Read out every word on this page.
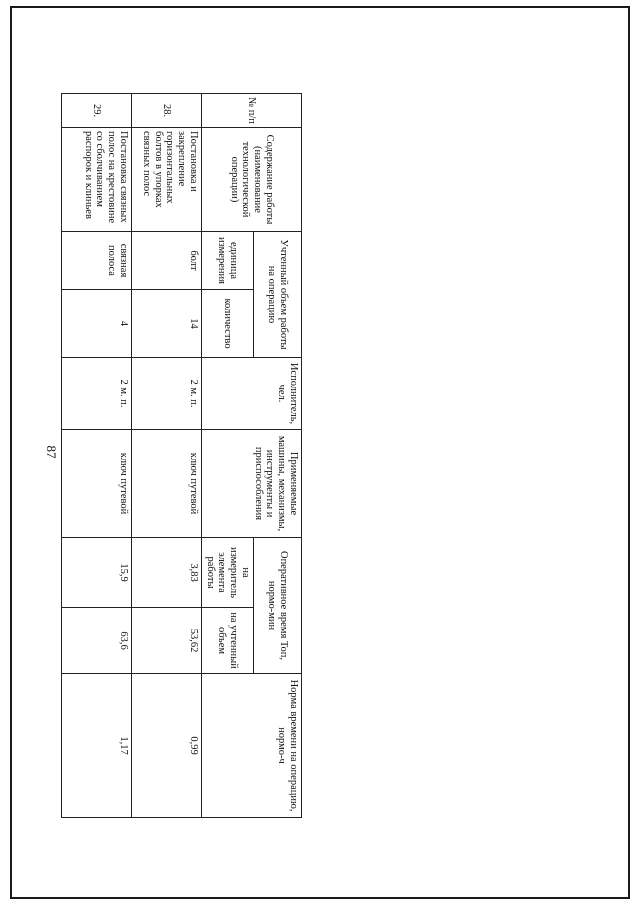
87
№ п/п	Содержание работы (наименование технологической операции)	Учтенный объем работы на операцию		Исполнитель, чел.	Применяемые машины, механизмы, инструменты и приспособления	Оперативное время Топ, нормо-мин		Норма времени на операцию, нормо-ч
		единица измерения	количество			на измеритель элемента работы	на учтенный объем	
28.	Постановка и закрепление горизонтальных болтов в упорках связных полос	болт	14	2 м. п.	ключ путевой	3,83	53,62	0,99
29.	Постановка связных полос на крестовине со сболчиванием распорок и клиньев	связная полоса	4	2 м. п.	ключ путевой	15,9	63,6	1,17
